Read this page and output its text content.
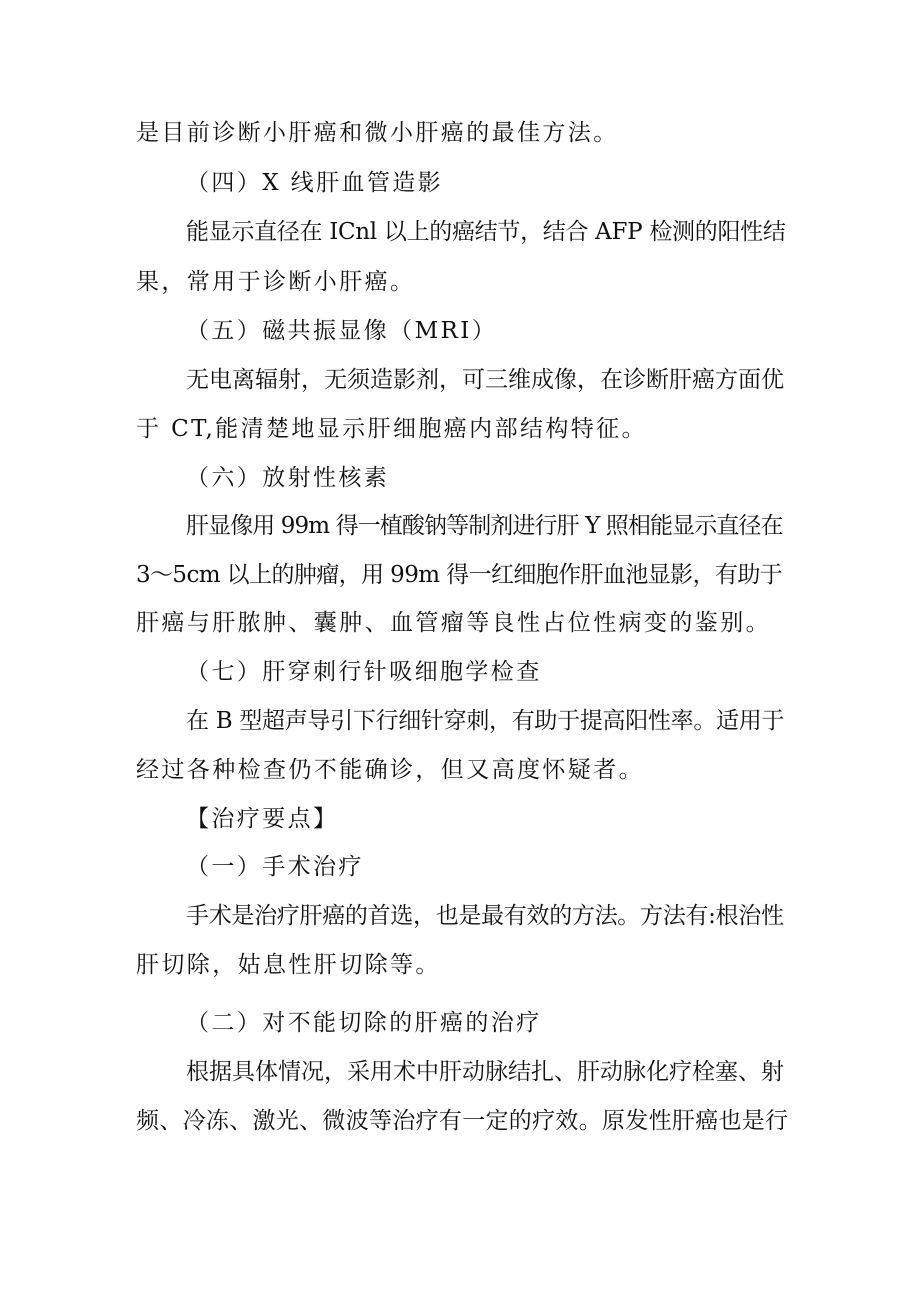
是目前诊断小肝癌和微小肝癌的最佳方法。
（四）X 线肝血管造影
能显示直径在 ICnl 以上的癌结节，结合 AFP 检测的阳性结
果，常用于诊断小肝癌。
（五）磁共振显像（MRI）
无电离辐射，无须造影剂，可三维成像，在诊断肝癌方面优
于 CT,能清楚地显示肝细胞癌内部结构特征。
（六）放射性核素
肝显像用 99m 得一植酸钠等制剂进行肝 Y 照相能显示直径在
3～5cm 以上的肿瘤，用 99m 得一红细胞作肝血池显影，有助于
肝癌与肝脓肿、囊肿、血管瘤等良性占位性病变的鉴别。
（七）肝穿刺行针吸细胞学检查
在 B 型超声导引下行细针穿刺，有助于提高阳性率。适用于
经过各种检查仍不能确诊，但又高度怀疑者。
【治疗要点】
（一）手术治疗
手术是治疗肝癌的首选，也是最有效的方法。方法有:根治性
肝切除，姑息性肝切除等。
（二）对不能切除的肝癌的治疗
根据具体情况，采用术中肝动脉结扎、肝动脉化疗栓塞、射
频、冷冻、激光、微波等治疗有一定的疗效。原发性肝癌也是行
